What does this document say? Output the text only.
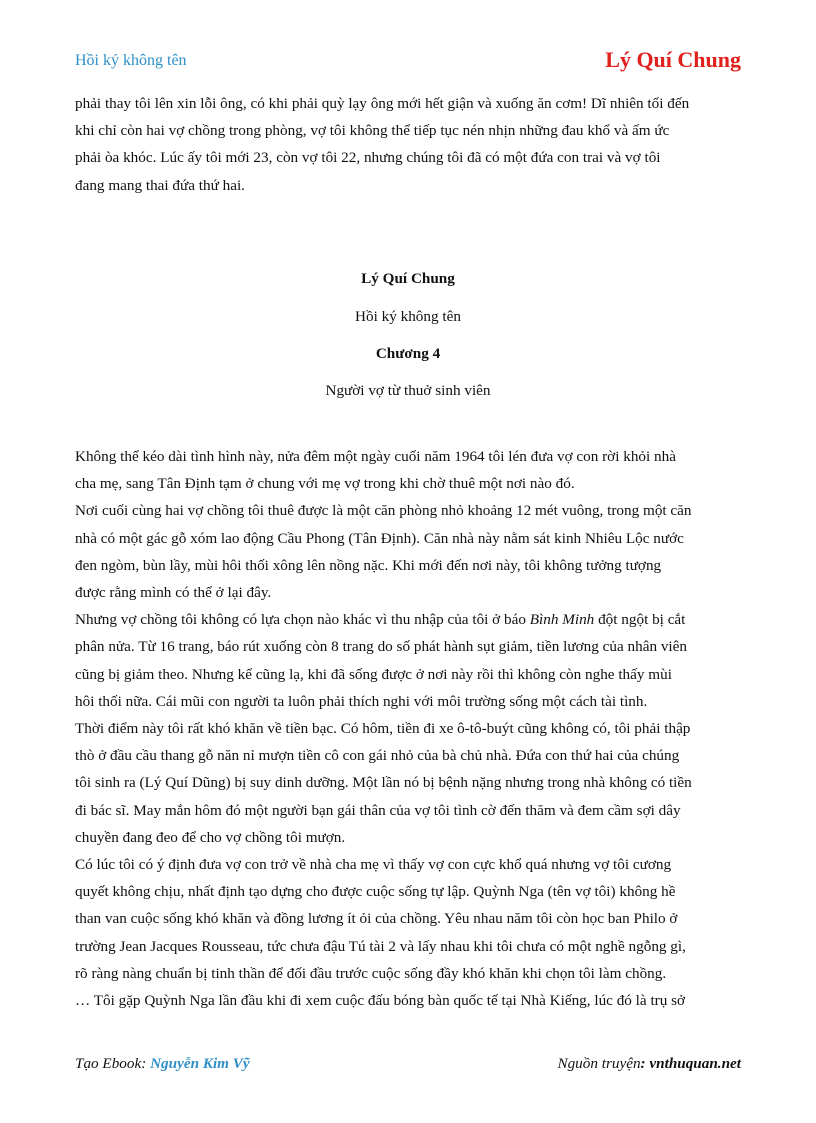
Hồi ký không tên	Lý Quí Chung

phải thay tôi lên xin lỗi ông, có khi phải quỳ lạy ông mới hết giận và xuống ăn cơm! Dĩ nhiên tối đến

khi chỉ còn hai vợ chồng trong phòng, vợ tôi không thể tiếp tục nén nhịn những đau khổ và ấm ức

phải òa khóc. Lúc ấy tôi mới 23, còn vợ tôi 22, nhưng chúng tôi đã có một đứa con trai và vợ tôi

đang mang thai đứa thứ hai.

Lý Quí Chung
Hồi ký không tên
Chương 4
Người vợ từ thuở sinh viên

Không thể kéo dài tình hình này, nửa đêm một ngày cuối năm 1964 tôi lén đưa vợ con rời khỏi nhà

cha mẹ, sang Tân Định tạm ở chung với mẹ vợ trong khi chờ thuê một nơi nào đó.

Nơi cuối cùng hai vợ chồng tôi thuê được là một căn phòng nhỏ khoảng 12 mét vuông, trong một căn

nhà có một gác gỗ xóm lao động Cầu Phong (Tân Định). Căn nhà này nằm sát kinh Nhiêu Lộc nước

đen ngòm, bùn lầy, mùi hôi thối xông lên nồng nặc. Khi mới đến nơi này, tôi không tưởng tượng

được rằng mình có thể ở lại đây.

Nhưng vợ chồng tôi không có lựa chọn nào khác vì thu nhập của tôi ở báo Bình Minh đột ngột bị cắt

phân nửa. Từ 16 trang, báo rút xuống còn 8 trang do số phát hành sụt giảm, tiền lương của nhân viên

cũng bị giảm theo. Nhưng kể cũng lạ, khi đã sống được ở nơi này rồi thì không còn nghe thấy mùi

hôi thối nữa. Cái mũi con người ta luôn phải thích nghi với môi trường sống một cách tài tình.

Thời điểm này tôi rất khó khăn về tiền bạc. Có hôm, tiền đi xe ô-tô-buýt cũng không có, tôi phải thập

thò ở đầu cầu thang gỗ năn nỉ mượn tiền cô con gái nhỏ của bà chủ nhà. Đứa con thứ hai của chúng

tôi sinh ra (Lý Quí Dũng) bị suy dinh dưỡng. Một lần nó bị bệnh nặng nhưng trong nhà không có tiền

đi bác sĩ. May mắn hôm đó một người bạn gái thân của vợ tôi tình cờ đến thăm và đem cầm sợi dây

chuyền đang đeo để cho vợ chồng tôi mượn.

Có lúc tôi có ý định đưa vợ con trở về nhà cha mẹ vì thấy vợ con cực khổ quá nhưng vợ tôi cương

quyết không chịu, nhất định tạo dựng cho được cuộc sống tự lập. Quỳnh Nga (tên vợ tôi) không hề

than van cuộc sống khó khăn và đồng lương ít ỏi của chồng. Yêu nhau năm tôi còn học ban Philo ở

trường Jean Jacques Rousseau, tức chưa đậu Tú tài 2 và lấy nhau khi tôi chưa có một nghề ngỗng gì,

rõ ràng nàng chuẩn bị tinh thần để đối đầu trước cuộc sống đầy khó khăn khi chọn tôi làm chồng.

… Tôi gặp Quỳnh Nga lần đầu khi đi xem cuộc đấu bóng bàn quốc tế tại Nhà Kiếng, lúc đó là trụ sở

Tạo Ebook: Nguyễn Kim Vỹ	Nguồn truyện: vnthuquan.net
